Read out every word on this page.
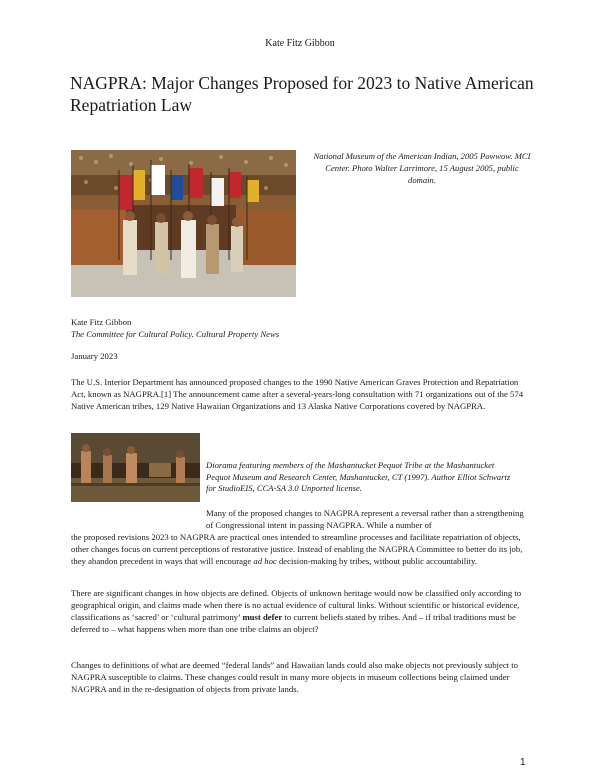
Kate Fitz Gibbon
NAGPRA: Major Changes Proposed for 2023 to Native American Repatriation Law
National Museum of the American Indian, 2005 Powwow. MCI Center. Photo Walter Larrimore, 15 August 2005, public domain.
Kate Fitz Gibbon
The Committee for Cultural Policy. Cultural Property News
January 2023
The U.S. Interior Department has announced proposed changes to the 1990 Native American Graves Protection and Repatriation Act, known as NAGPRA.[1] The announcement came after a several-years-long consultation with 71 organizations out of the 574 Native American tribes, 129 Native Hawaiian Organizations and 13 Alaska Native Corporations covered by NAGPRA.
Diorama featuring members of the Mashantucket Pequot Tribe at the Mashantucket Pequot Museum and Research Center, Mashantucket, CT (1997). Author Elliot Schwartz for StudioEIS, CCA-SA 3.0 Unported license.
Many of the proposed changes to NAGPRA represent a reversal rather than a strengthening of Congressional intent in passing NAGPRA. While a number of
the proposed revisions 2023 to NAGPRA are practical ones intended to streamline processes and facilitate repatriation of objects, other changes focus on current perceptions of restorative justice. Instead of enabling the NAGPRA Committee to better do its job, they abandon precedent in ways that will encourage ad hoc decision-making by tribes, without public accountability.
There are significant changes in how objects are defined. Objects of unknown heritage would now be classified only according to geographical origin, and claims made when there is no actual evidence of cultural links. Without scientific or historical evidence, classifications as ‘sacred’ or ‘cultural patrimony’ must defer to current beliefs stated by tribes. And – if tribal traditions must be deferred to – what happens when more than one tribe claims an object?
Changes to definitions of what are deemed “federal lands” and Hawaiian lands could also make objects not previously subject to NAGPRA susceptible to claims. These changes could result in many more objects in museum collections being claimed under NAGPRA and in the re-designation of objects from private lands.
1
